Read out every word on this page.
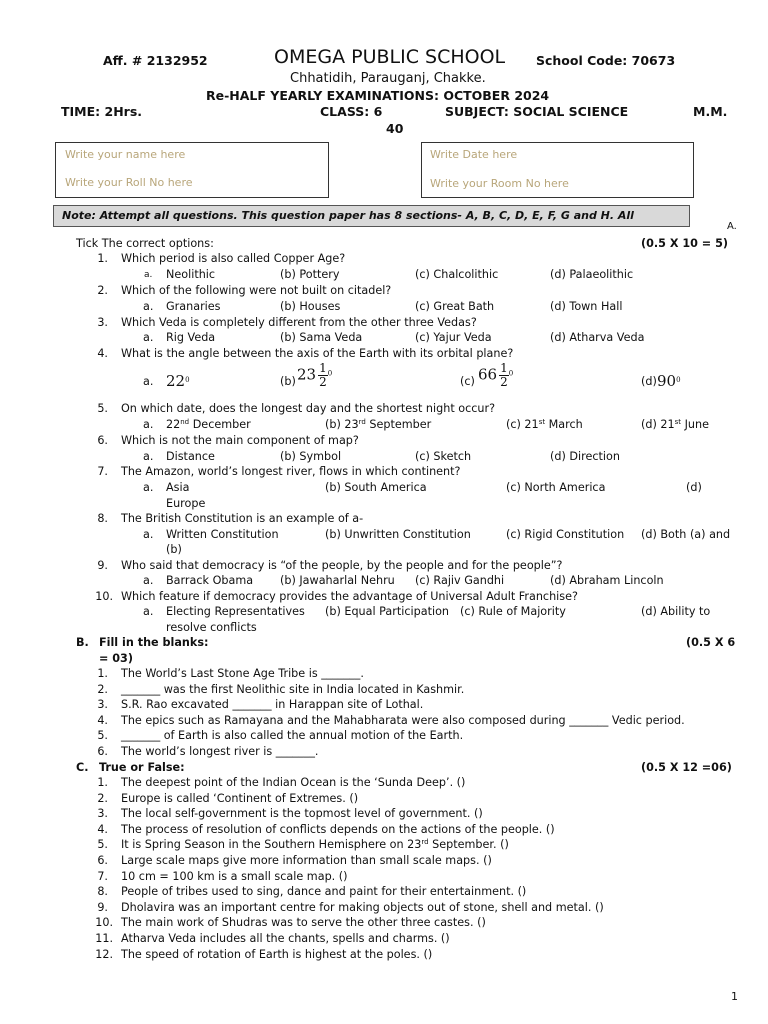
Aff. # 2132952	OMEGA PUBLIC SCHOOL School Code: 70673
Chhatidih, Parauganj, Chakke.
Re-HALF YEARLY EXAMINATIONS: OCTOBER 2024
TIME: 2Hrs.	CLASS: 6	SUBJECT: SOCIAL SCIENCE	M.M.
40
Write your name here
Write your Roll No here
Write Date here
Write your Room No here
Note: Attempt all questions. This question paper has 8 sections- A, B, C, D, E, F, G and H. All
A.
Tick The correct options:	(0.5 X 10 = 5)
1. Which period is also called Copper Age?
a. Neolithic	(b) Pottery	(c) Chalcolithic	(d) Palaeolithic
2. Which of the following were not built on citadel?
a. Granaries	(b) Houses	(c) Great Bath	(d) Town Hall
3. Which Veda is completely different from the other three Vedas?
a. Rig Veda	(b) Sama Veda	(c) Yajur Veda	(d) Atharva Veda
4. What is the angle between the axis of the Earth with its orbital plane?
a. $22^0$	(b) $23 \frac{1}{2} ^0$
(c) $66 \frac{1}{2} ^0$
(d) $90^0$
5. On which date, does the longest day and the shortest night occur?
a. 22nd December	(b) 23rd September	(c) 21st March	(d) 21st June
6. Which is not the main component of map?
a. Distance	(b) Symbol	(c) Sketch	(d) Direction
7. The Amazon, world’s longest river, flows in which continent?
a. Asia	(b) South America	(c) North America	(d)
Europe
8. The British Constitution is an example of a-
a. Written Constitution	(b) Unwritten Constitution	(c) Rigid Constitution (d) Both (a) and
(b)
9. Who said that democracy is “of the people, by the people and for the people”?
a. Barrack Obama (b) Jawaharlal Nehru (c) Rajiv Gandhi	(d) Abraham Lincoln
10. Which feature if democracy provides the advantage of Universal Adult Franchise?
a. Electing Representatives (b) Equal Participation (c) Rule of Majority	(d) Ability to
resolve conflicts
B. Fill in the blanks:	(0.5 X 6
= 03)
1. The World’s Last Stone Age Tribe is _______.
2. _______ was the first Neolithic site in India located in Kashmir.
3. S.R. Rao excavated _______ in Harappan site of Lothal.
4. The epics such as Ramayana and the Mahabharata were also composed during _______ Vedic period.
5. _______ of Earth is also called the annual motion of the Earth.
6. The world’s longest river is _______.
C. True or False:	(0.5 X 12 =06)
1. The deepest point of the Indian Ocean is the ‘Sunda Deep’. ()
2. Europe is called ‘Continent of Extremes. ()
3. The local self-government is the topmost level of government. ()
4. The process of resolution of conflicts depends on the actions of the people. ()
5. It is Spring Season in the Southern Hemisphere on 23rd September. ()
6. Large scale maps give more information than small scale maps. ()
7. 10 cm = 100 km is a small scale map. ()
8. People of tribes used to sing, dance and paint for their entertainment. ()
9. Dholavira was an important centre for making objects out of stone, shell and metal. ()
10. The main work of Shudras was to serve the other three castes. ()
11. Atharva Veda includes all the chants, spells and charms. ()
12. The speed of rotation of Earth is highest at the poles. ()
1
